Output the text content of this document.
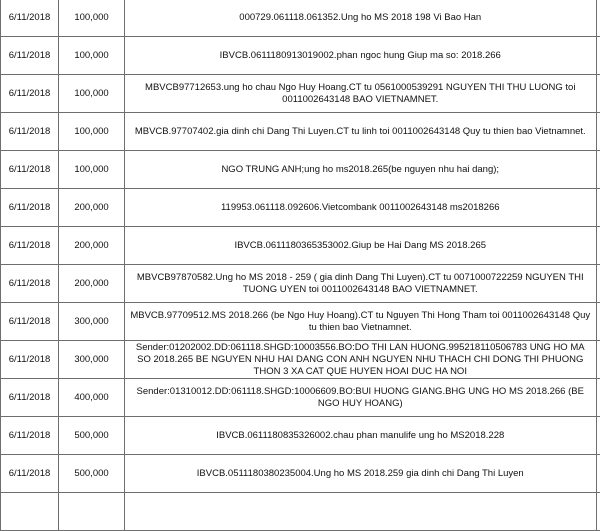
6/11/2018	100,000	000729.061118.061352.Ung ho MS 2018 198 Vi Bao Han	
6/11/2018	100,000	IBVCB.0611180913019002.phan ngoc hung Giup ma so: 2018.266	
6/11/2018	100,000	MBVCB97712653.ung ho chau Ngo Huy Hoang.CT tu 0561000539291 NGUYEN THI THU LUONG toi 0011002643148 BAO VIETNAMNET.	
6/11/2018	100,000	MBVCB.97707402.gia dinh chi Dang Thi Luyen.CT tu linh toi 0011002643148 Quy tu thien bao Vietnamnet.	
6/11/2018	100,000	NGO TRUNG ANH;ung ho ms2018.265(be nguyen nhu hai dang);	
6/11/2018	200,000	119953.061118.092606.Vietcombank 0011002643148 ms2018266	
6/11/2018	200,000	IBVCB.0611180365353002.Giup be Hai Dang MS 2018.265	
6/11/2018	200,000	MBVCB97870582.Ung ho MS 2018 - 259 ( gia dinh Dang Thi Luyen).CT tu 0071000722259 NGUYEN THI TUONG UYEN toi 0011002643148 BAO VIETNAMNET.	
6/11/2018	300,000	MBVCB.97709512.MS 2018.266 (be Ngo Huy Hoang).CT tu Nguyen Thi Hong Tham toi 0011002643148 Quy tu thien bao Vietnamnet.	
6/11/2018	300,000	Sender:01202002.DD:061118.SHGD:10003556.BO:DO THI LAN HUONG.995218110506783 UNG HO MA SO 2018.265 BE NGUYEN NHU HAI DANG CON ANH NGUYEN NHU THACH CHI DONG THI PHUONG THON 3 XA CAT QUE HUYEN HOAI DUC HA NOI	
6/11/2018	400,000	Sender:01310012.DD:061118.SHGD:10006609.BO:BUI HUONG GIANG.BHG UNG HO MS 2018.266 (BE NGO HUY HOANG)	
6/11/2018	500,000	IBVCB.0611180835326002.chau phan manulife ung ho MS2018.228	
6/11/2018	500,000	IBVCB.0511180380235004.Ung ho MS 2018.259 gia dinh chi Dang Thi Luyen	
